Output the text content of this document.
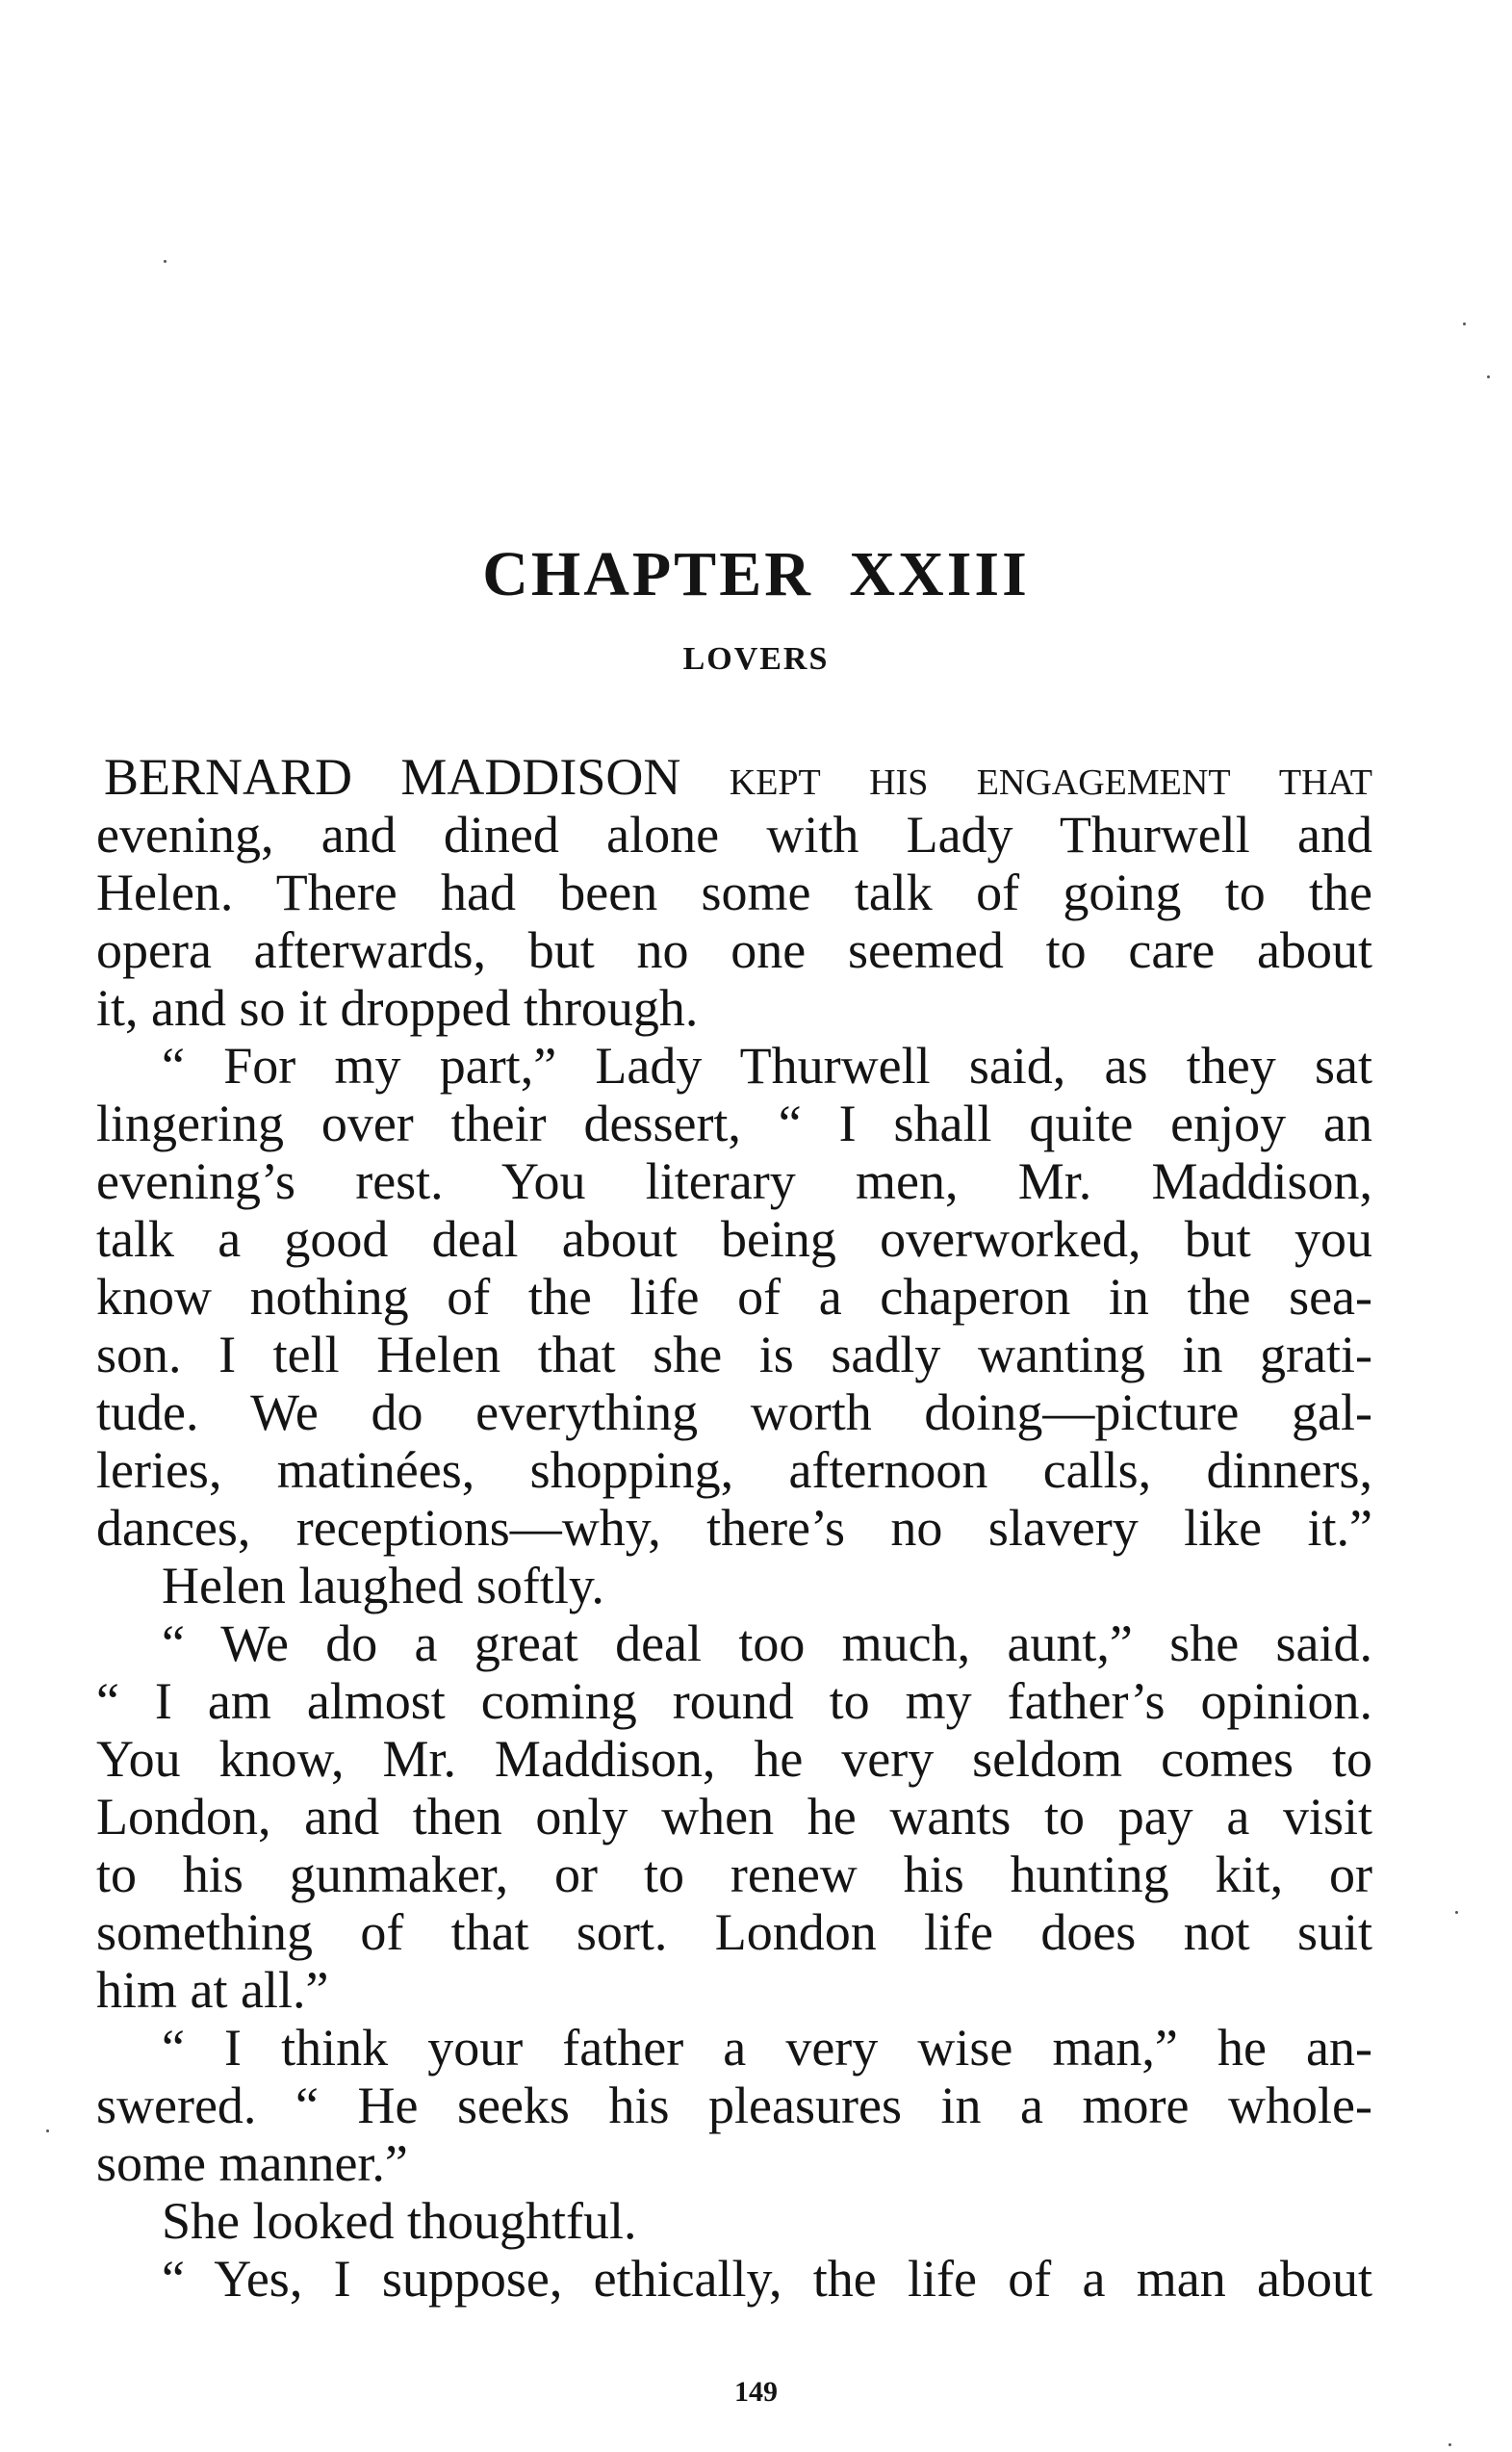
CHAPTER XXIII
LOVERS
BERNARD MADDISON kept his engagement that
evening, and dined alone with Lady Thurwell and
Helen. There had been some talk of going to the
opera afterwards, but no one seemed to care about
it, and so it dropped through.
“ For my part,” Lady Thurwell said, as they sat
lingering over their dessert, “ I shall quite enjoy an
evening’s rest. You literary men, Mr. Maddison,
talk a good deal about being overworked, but you
know nothing of the life of a chaperon in the sea-
son. I tell Helen that she is sadly wanting in grati-
tude. We do everything worth doing—picture gal-
leries, matinées, shopping, afternoon calls, dinners,
dances, receptions—why, there’s no slavery like it.”
Helen laughed softly.
“ We do a great deal too much, aunt,” she said.
“ I am almost coming round to my father’s opinion.
You know, Mr. Maddison, he very seldom comes to
London, and then only when he wants to pay a visit
to his gunmaker, or to renew his hunting kit, or
something of that sort. London life does not suit
him at all.”
“ I think your father a very wise man,” he an-
swered. “ He seeks his pleasures in a more whole-
some manner.”
She looked thoughtful.
“ Yes, I suppose, ethically, the life of a man about
149
